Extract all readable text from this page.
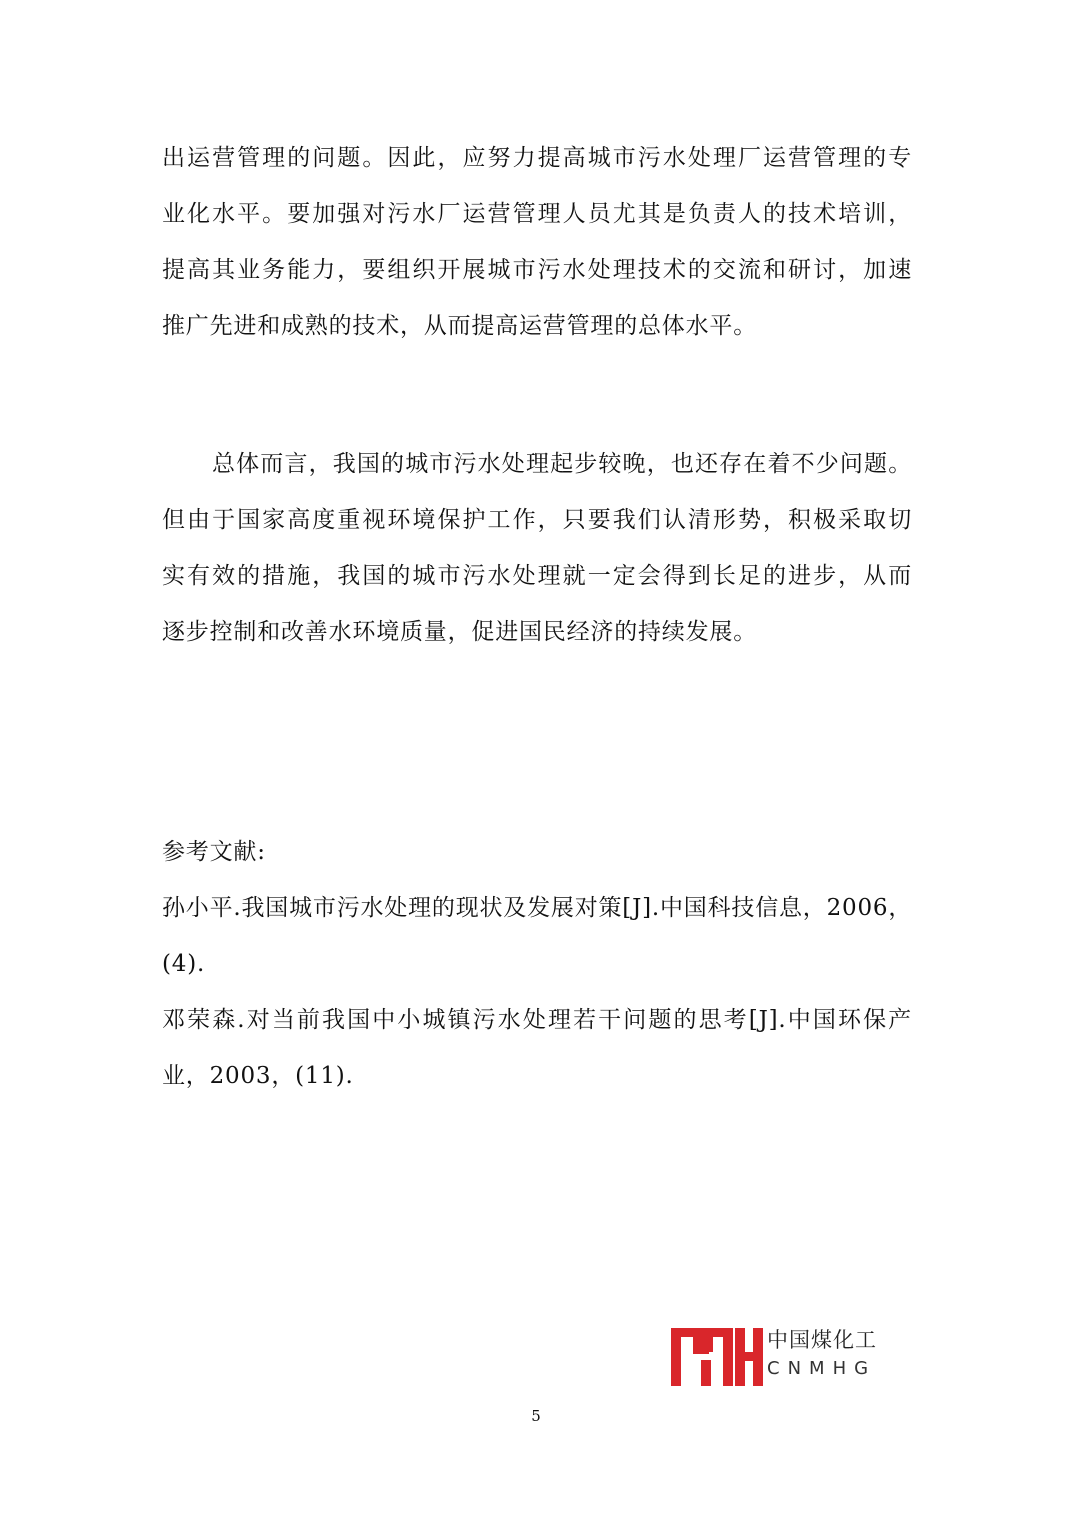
出运营管理的问题。因此，应努力提高城市污水处理厂运营管理的专
业化水平。要加强对污水厂运营管理人员尤其是负责人的技术培训，
提高其业务能力，要组织开展城市污水处理技术的交流和研讨，加速
推广先进和成熟的技术，从而提高运营管理的总体水平。
总体而言，我国的城市污水处理起步较晚，也还存在着不少问题。
但由于国家高度重视环境保护工作，只要我们认清形势，积极采取切
实有效的措施，我国的城市污水处理就一定会得到长足的进步，从而
逐步控制和改善水环境质量，促进国民经济的持续发展。
参考文献:
孙小平.我国城市污水处理的现状及发展对策[J].中国科技信息，2006，
(4).
邓荣森.对当前我国中小城镇污水处理若干问题的思考[J].中国环保产
业，2003，(11).
中国煤化工
CNMHG
5
